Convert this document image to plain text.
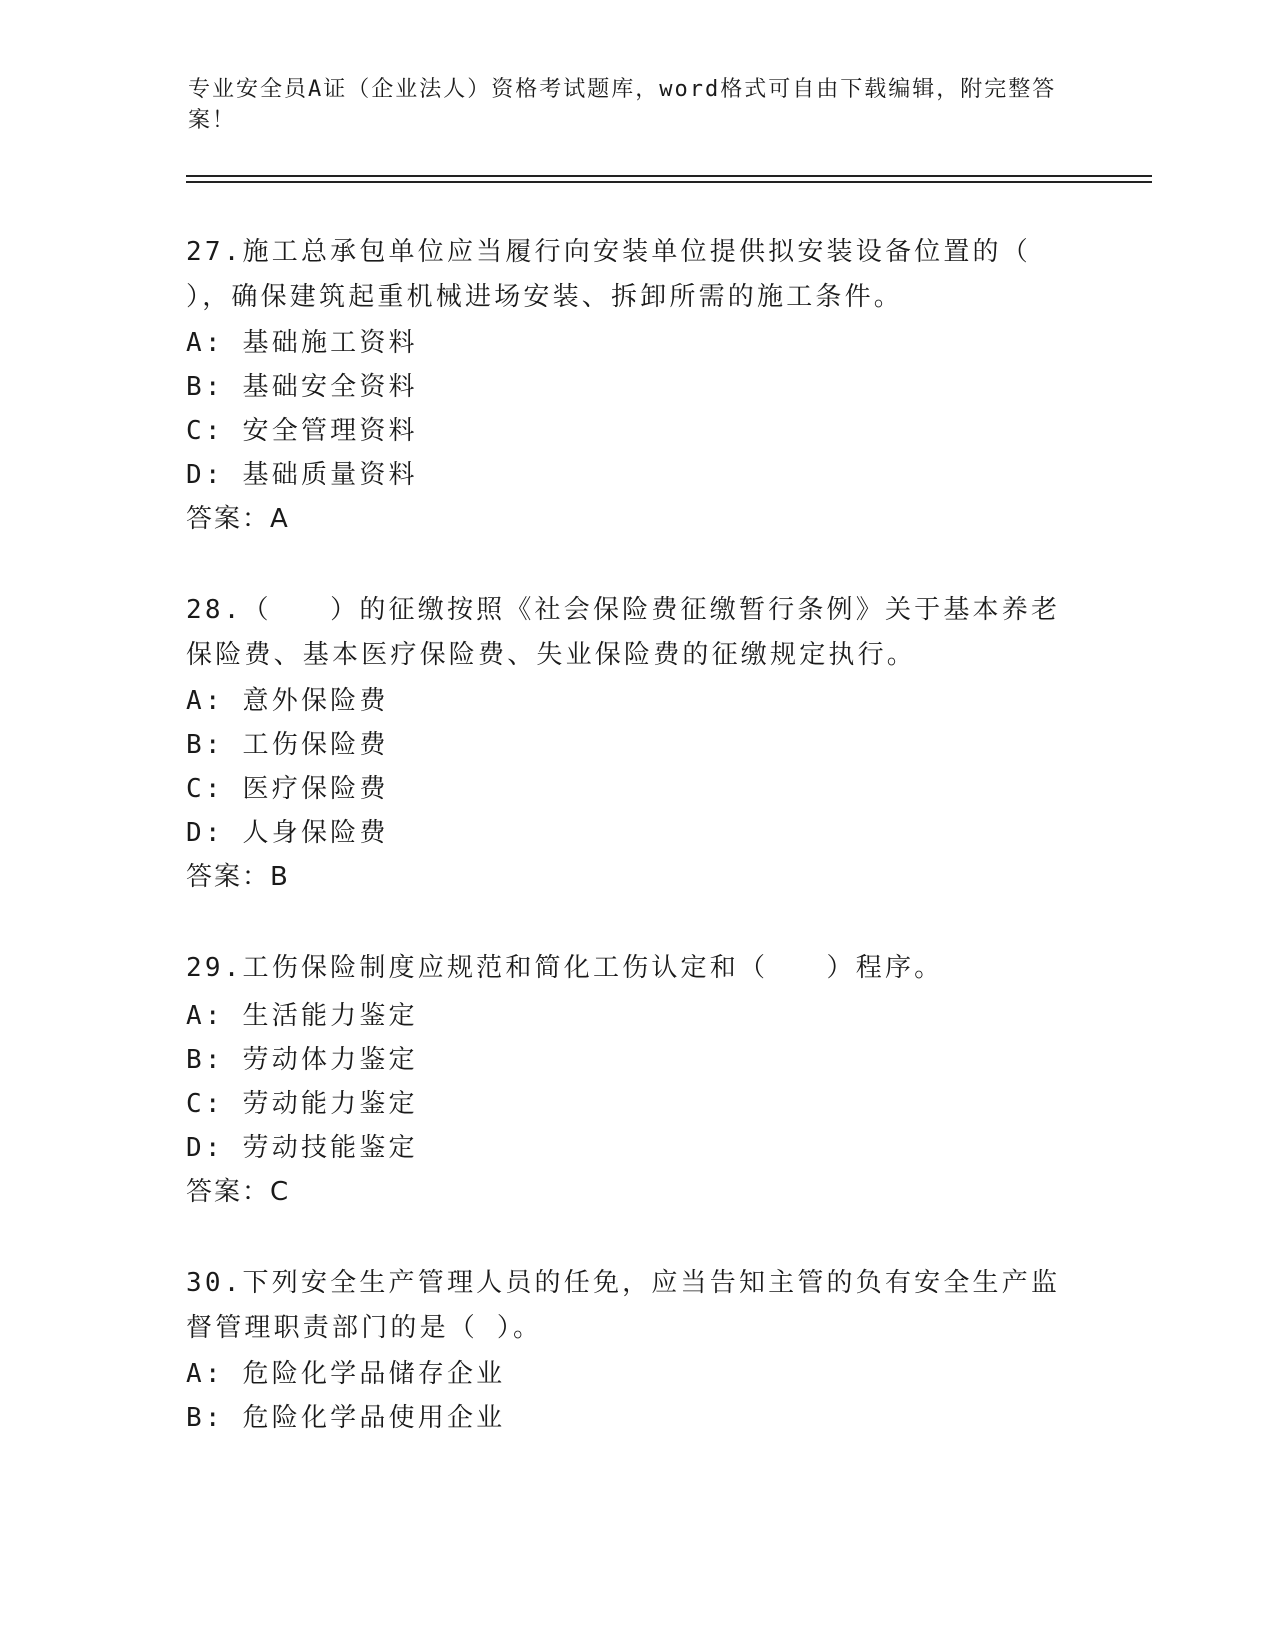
专业安全员A证（企业法人）资格考试题库，word格式可自由下载编辑，附完整答案！
27.施工总承包单位应当履行向安装单位提供拟安装设备位置的（ ），确保建筑起重机械进场安装、拆卸所需的施工条件。
A: 基础施工资料
B: 基础安全资料
C: 安全管理资料
D: 基础质量资料
答案：A
28.（　　）的征缴按照《社会保险费征缴暂行条例》关于基本养老保险费、基本医疗保险费、失业保险费的征缴规定执行。
A: 意外保险费
B: 工伤保险费
C: 医疗保险费
D: 人身保险费
答案：B
29.工伤保险制度应规范和简化工伤认定和（　　）程序。
A: 生活能力鉴定
B: 劳动体力鉴定
C: 劳动能力鉴定
D: 劳动技能鉴定
答案：C
30.下列安全生产管理人员的任免，应当告知主管的负有安全生产监督管理职责部门的是（ ）。
A: 危险化学品储存企业
B: 危险化学品使用企业
